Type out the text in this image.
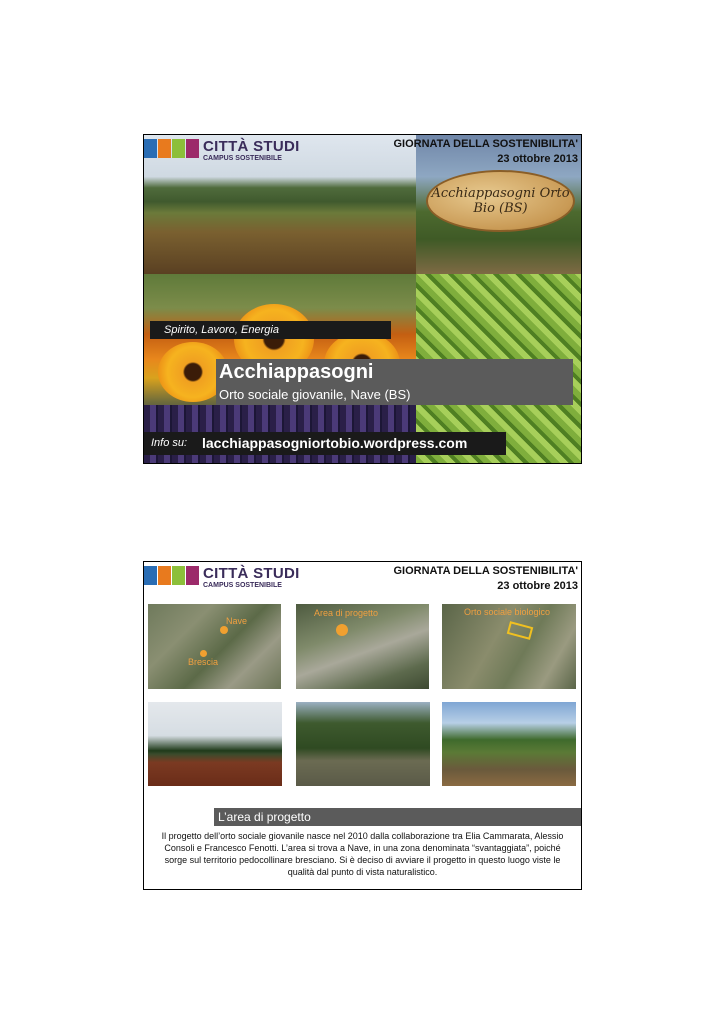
Acchiappasogni Orto Bio (BS)
CITTÀ STUDI
CAMPUS SOSTENIBILE
GIORNATA DELLA SOSTENIBILITA'
23 ottobre 2013
Spirito, Lavoro, Energia
Acchiappasogni
Orto sociale giovanile, Nave (BS)
Info su: lacchiappasogniortobio.wordpress.com
CITTÀ STUDI
CAMPUS SOSTENIBILE
GIORNATA DELLA SOSTENIBILITA'
23 ottobre 2013
Nave
Brescia
Area di progetto	Orto sociale biologico
L’area di progetto
Il progetto dell’orto sociale giovanile nasce nel 2010 dalla collaborazione tra Elia Cammarata, Alessio Consoli e Francesco Fenotti. L’area si trova a Nave, in una zona denominata “svantaggiata”, poiché sorge sul territorio pedocollinare bresciano. Si è deciso di avviare il progetto in questo luogo viste le qualità dal punto di vista naturalistico.
